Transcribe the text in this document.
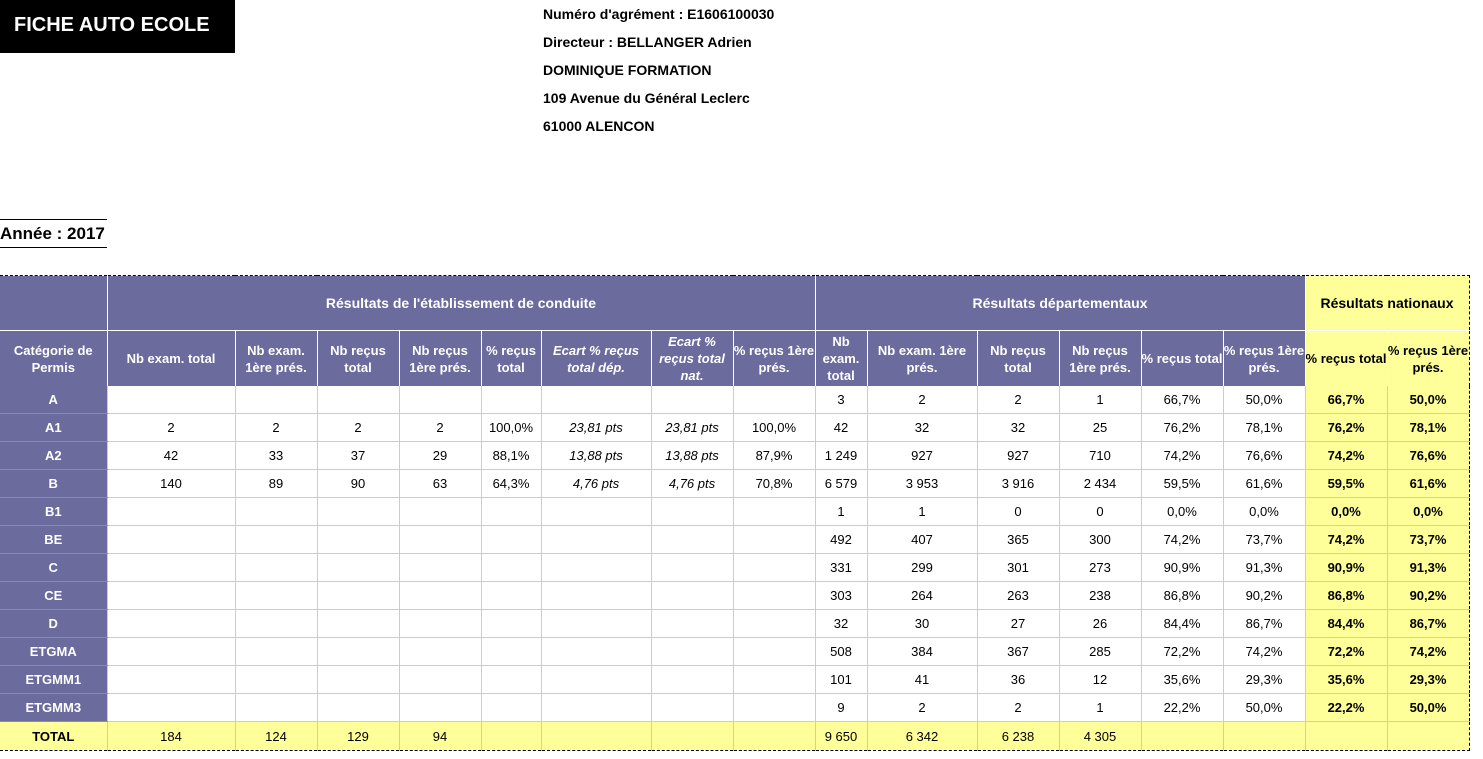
FICHE AUTO ECOLE	Numéro d'agrément : E1606100030
Directeur : BELLANGER Adrien
DOMINIQUE FORMATION
109 Avenue du Général Leclerc
61000 ALENCON
Année : 2017
	Résultats de l'établissement de conduite								Résultats départementaux						Résultats nationaux	
Catégorie de Permis	Nb exam. total	Nb exam. 1ère prés.	Nb reçus total	Nb reçus 1ère prés.	% reçus total	Ecart % reçus total dép.	Ecart % reçus total nat.	% reçus 1ère prés.	Nb exam. total	Nb exam. 1ère prés.	Nb reçus total	Nb reçus 1ère prés.	% reçus total	% reçus 1ère prés.	% reçus total	% reçus 1ère prés.
A									3	2	2	1	66,7%	50,0%	66,7%	50,0%
A1	2	2	2	2	100,0%	23,81 pts	23,81 pts	100,0%	42	32	32	25	76,2%	78,1%	76,2%	78,1%
A2	42	33	37	29	88,1%	13,88 pts	13,88 pts	87,9%	1 249	927	927	710	74,2%	76,6%	74,2%	76,6%
B	140	89	90	63	64,3%	4,76 pts	4,76 pts	70,8%	6 579	3 953	3 916	2 434	59,5%	61,6%	59,5%	61,6%
B1									1	1	0	0	0,0%	0,0%	0,0%	0,0%
BE									492	407	365	300	74,2%	73,7%	74,2%	73,7%
C									331	299	301	273	90,9%	91,3%	90,9%	91,3%
CE									303	264	263	238	86,8%	90,2%	86,8%	90,2%
D									32	30	27	26	84,4%	86,7%	84,4%	86,7%
ETGMA									508	384	367	285	72,2%	74,2%	72,2%	74,2%
ETGMM1									101	41	36	12	35,6%	29,3%	35,6%	29,3%
ETGMM3									9	2	2	1	22,2%	50,0%	22,2%	50,0%
TOTAL	184	124	129	94					9 650	6 342	6 238	4 305				
